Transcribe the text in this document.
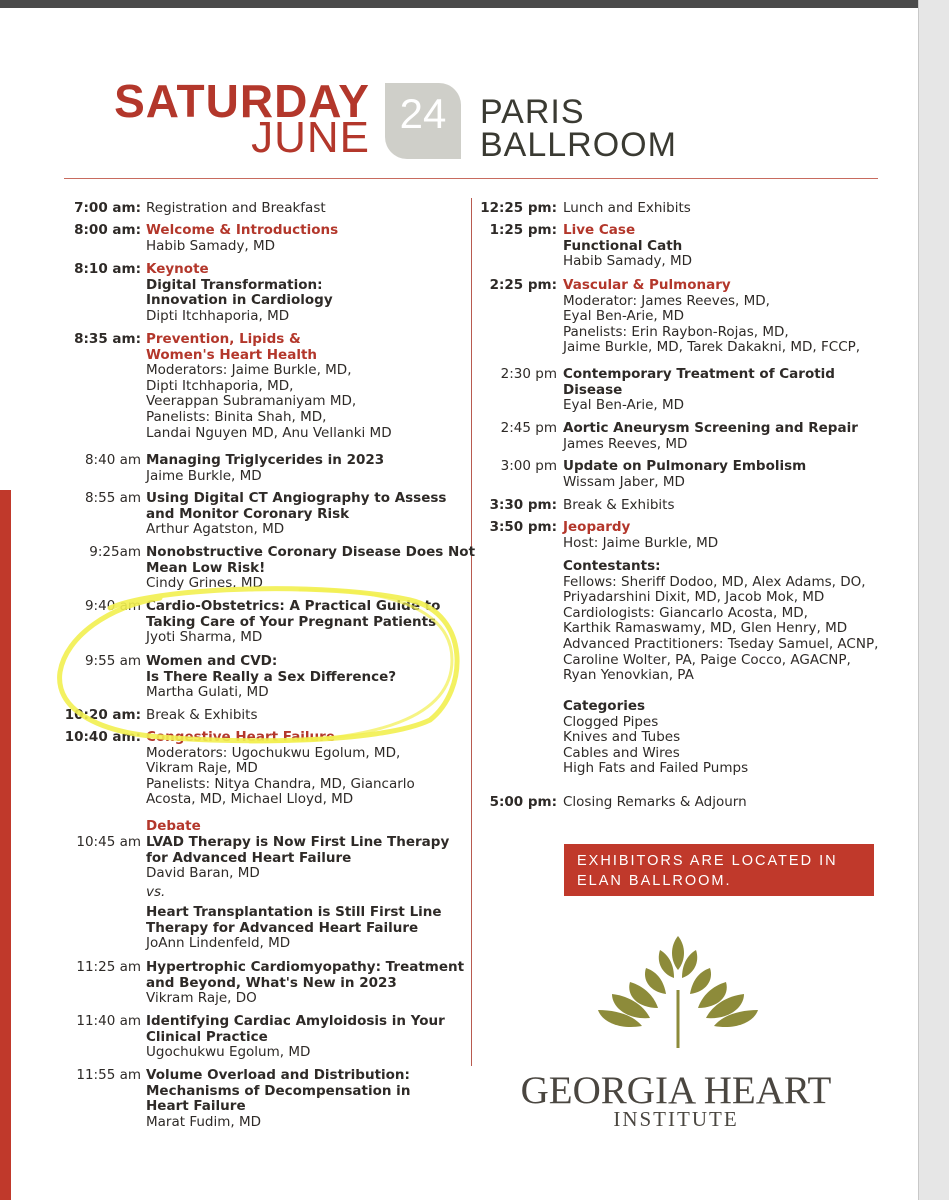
SATURDAY
JUNE 24 PARIS
BALLROOM
7:00 am: Registration and Breakfast
8:00 am: Welcome & Introductions
Habib Samady, MD
8:10 am: Keynote
Digital Transformation:
Innovation in Cardiology
Dipti Itchhaporia, MD
8:35 am: Prevention, Lipids &
Women's Heart Health
Moderators: Jaime Burkle, MD,
Dipti Itchhaporia, MD,
Veerappan Subramaniyam MD,
Panelists: Binita Shah, MD,
Landai Nguyen MD, Anu Vellanki MD
8:40 am Managing Triglycerides in 2023
Jaime Burkle, MD
8:55 am Using Digital CT Angiography to Assess
and Monitor Coronary Risk
Arthur Agatston, MD
9:25am Nonobstructive Coronary Disease Does Not
Mean Low Risk!
Cindy Grines, MD
9:40 am Cardio-Obstetrics: A Practical Guide to
Taking Care of Your Pregnant Patients
Jyoti Sharma, MD
9:55 am Women and CVD:
Is There Really a Sex Difference?
Martha Gulati, MD
10:20 am: Break & Exhibits
10:40 am: Congestive Heart Failure
Moderators: Ugochukwu Egolum, MD,
Vikram Raje, MD
Panelists: Nitya Chandra, MD, Giancarlo
Acosta, MD, Michael Lloyd, MD
Debate
10:45 am LVAD Therapy is Now First Line Therapy
for Advanced Heart Failure
David Baran, MD
vs.
Heart Transplantation is Still First Line
Therapy for Advanced Heart Failure
JoAnn Lindenfeld, MD
11:25 am Hypertrophic Cardiomyopathy: Treatment
and Beyond, What's New in 2023
Vikram Raje, DO
11:40 am Identifying Cardiac Amyloidosis in Your
Clinical Practice
Ugochukwu Egolum, MD
11:55 am Volume Overload and Distribution:
Mechanisms of Decompensation in
Heart Failure
Marat Fudim, MD
12:25 pm: Lunch and Exhibits
1:25 pm: Live Case
Functional Cath
Habib Samady, MD
2:25 pm: Vascular & Pulmonary
Moderator: James Reeves, MD,
Eyal Ben-Arie, MD
Panelists: Erin Raybon-Rojas, MD,
Jaime Burkle, MD, Tarek Dakakni, MD, FCCP,
2:30 pm Contemporary Treatment of Carotid
Disease
Eyal Ben-Arie, MD
2:45 pm Aortic Aneurysm Screening and Repair
James Reeves, MD
3:00 pm Update on Pulmonary Embolism
Wissam Jaber, MD
3:30 pm: Break & Exhibits
3:50 pm: Jeopardy
Host: Jaime Burkle, MD
Contestants:
Fellows: Sheriff Dodoo, MD, Alex Adams, DO,
Priyadarshini Dixit, MD, Jacob Mok, MD
Cardiologists: Giancarlo Acosta, MD,
Karthik Ramaswamy, MD, Glen Henry, MD
Advanced Practitioners: Tseday Samuel, ACNP,
Caroline Wolter, PA, Paige Cocco, AGACNP,
Ryan Yenovkian, PA
Categories
Clogged Pipes
Knives and Tubes
Cables and Wires
High Fats and Failed Pumps
5:00 pm: Closing Remarks & Adjourn
EXHIBITORS ARE LOCATED IN
ELAN BALLROOM.
GEORGIA HEART
INSTITUTE
